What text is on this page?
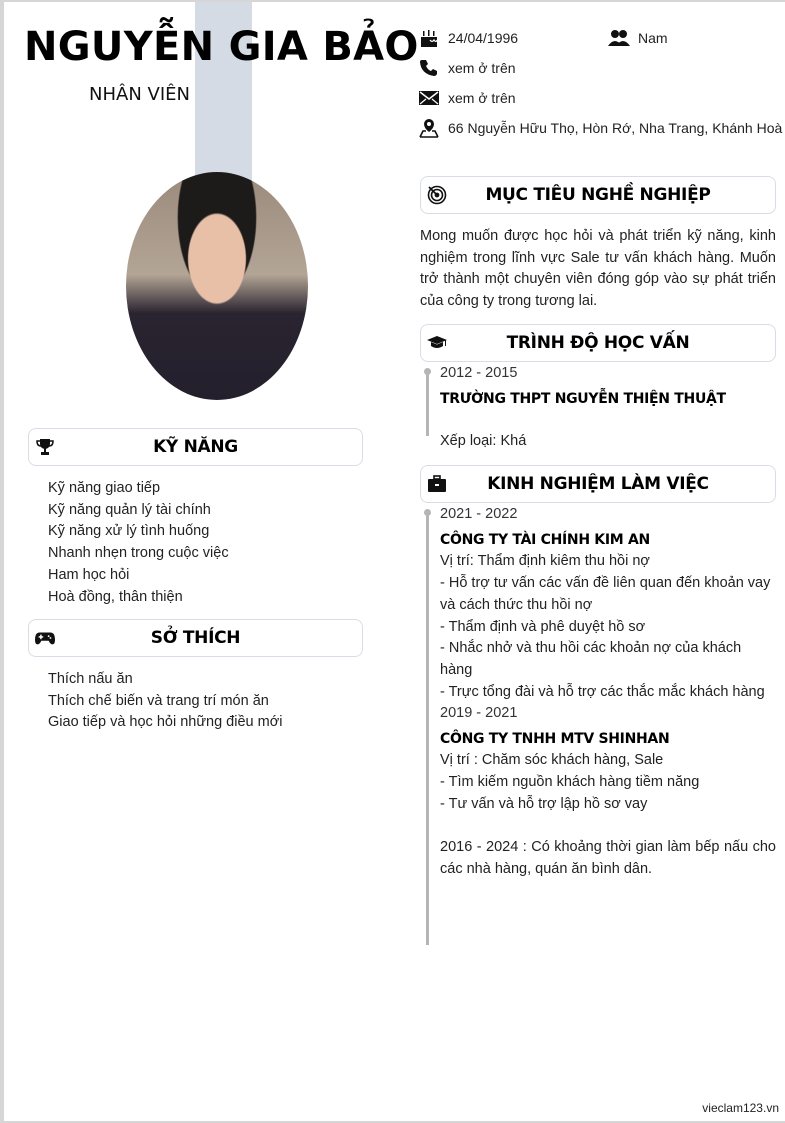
NGUYỄN GIA BẢO
NHÂN VIÊN
24/04/1996	Nam
xem ở trên
xem ở trên
66 Nguyễn Hữu Thọ, Hòn Rớ, Nha Trang, Khánh Hoà
KỸ NĂNG
Kỹ năng giao tiếp
Kỹ năng quản lý tài chính
Kỹ năng xử lý tình huống
Nhanh nhẹn trong cuộc việc
Ham học hỏi
Hoà đồng, thân thiện
SỞ THÍCH
Thích nấu ăn
Thích chế biến và trang trí món ăn
Giao tiếp và học hỏi những điều mới
MỤC TIÊU NGHỀ NGHIỆP
Mong muốn được học hỏi và phát triển kỹ năng, kinh nghiệm trong lĩnh vực Sale tư vấn khách hàng. Muốn trở thành một chuyên viên đóng góp vào sự phát triển của công ty trong tương lai.
TRÌNH ĐỘ HỌC VẤN
2012 - 2015
TRƯỜNG THPT NGUYỄN THIỆN THUẬT
Xếp loại: Khá
KINH NGHIỆM LÀM VIỆC
2021 - 2022
CÔNG TY TÀI CHÍNH KIM AN
Vị trí: Thẩm định kiêm thu hồi nợ
- Hỗ trợ tư vấn các vấn đề liên quan đến khoản vay và cách thức thu hồi nợ
- Thẩm định và phê duyệt hồ sơ
- Nhắc nhở và thu hồi các khoản nợ của khách hàng
- Trực tổng đài và hỗ trợ các thắc mắc khách hàng
2019 - 2021
CÔNG TY TNHH MTV SHINHAN
Vị trí : Chăm sóc khách hàng, Sale
- Tìm kiếm nguồn khách hàng tiềm năng
- Tư vấn và hỗ trợ lập hồ sơ vay
2016 - 2024 : Có khoảng thời gian làm bếp nấu cho các nhà hàng, quán ăn bình dân.
vieclam123.vn
